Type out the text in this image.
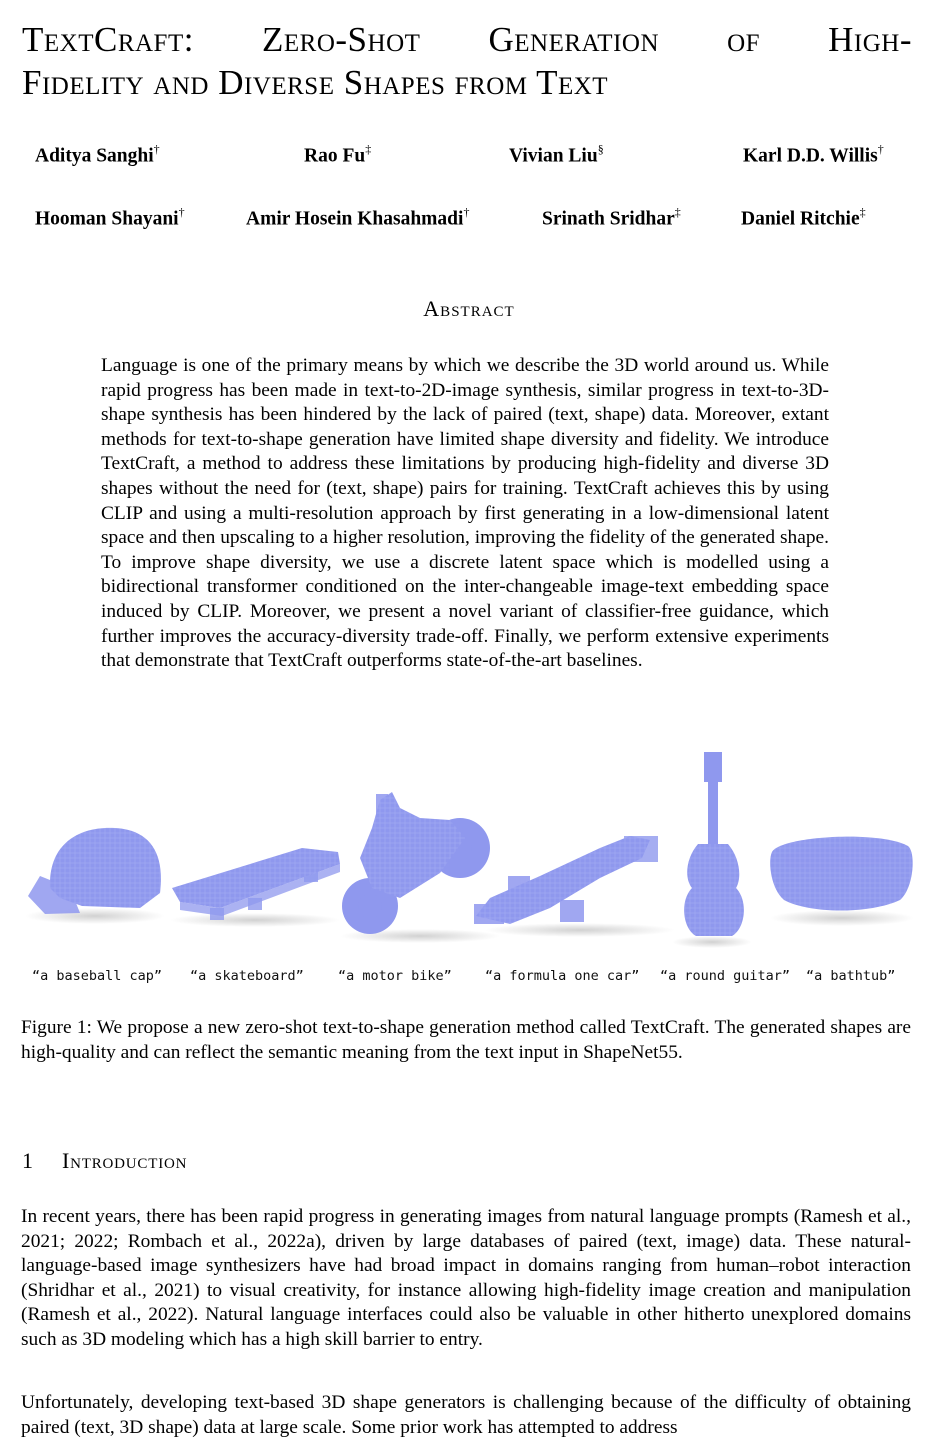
TextCraft: Zero-Shot Generation of High-
Fidelity and Diverse Shapes from Text
Aditya Sanghi†	Rao Fu‡	Vivian Liu§	Karl D.D. Willis†
Hooman Shayani†	Amir Hosein Khasahmadi†	Srinath Sridhar‡	Daniel Ritchie‡
Abstract

Language is one of the primary means by which we describe the 3D world around us. While rapid progress has been made in text-to-2D-image synthesis, similar progress in text-to-3D-shape synthesis has been hindered by the lack of paired (text, shape) data. Moreover, extant methods for text-to-shape generation have limited shape diversity and fidelity. We introduce TextCraft, a method to address these limitations by producing high-fidelity and diverse 3D shapes without the need for (text, shape) pairs for training. TextCraft achieves this by using CLIP and using a multi-resolution approach by first generating in a low-dimensional latent space and then upscaling to a higher resolution, improving the fidelity of the generated shape. To improve shape diversity, we use a discrete latent space which is modelled using a bidirectional transformer conditioned on the inter-changeable image-text embedding space induced by CLIP. Moreover, we present a novel variant of classifier-free guidance, which further improves the accuracy-diversity trade-off. Finally, we perform extensive experiments that demonstrate that TextCraft outperforms state-of-the-art baselines.

“a baseball cap” “a skateboard”	“a motor bike” “a formula one car” “a round guitar” “a bathtub”

Figure 1: We propose a new zero-shot text-to-shape generation method called TextCraft. The generated shapes are high-quality and can reflect the semantic meaning from the text input in ShapeNet55.

1 Introduction

In recent years, there has been rapid progress in generating images from natural language prompts (Ramesh et al., 2021; 2022; Rombach et al., 2022a), driven by large databases of paired (text, image) data. These natural-language-based image synthesizers have had broad impact in domains ranging from human–robot interaction (Shridhar et al., 2021) to visual creativity, for instance allowing high-fidelity image creation and manipulation (Ramesh et al., 2022). Natural language interfaces could also be valuable in other hitherto unexplored domains such as 3D modeling which has a high skill barrier to entry.

Unfortunately, developing text-based 3D shape generators is challenging because of the difficulty of obtaining paired (text, 3D shape) data at large scale. Some prior work has attempted to address
